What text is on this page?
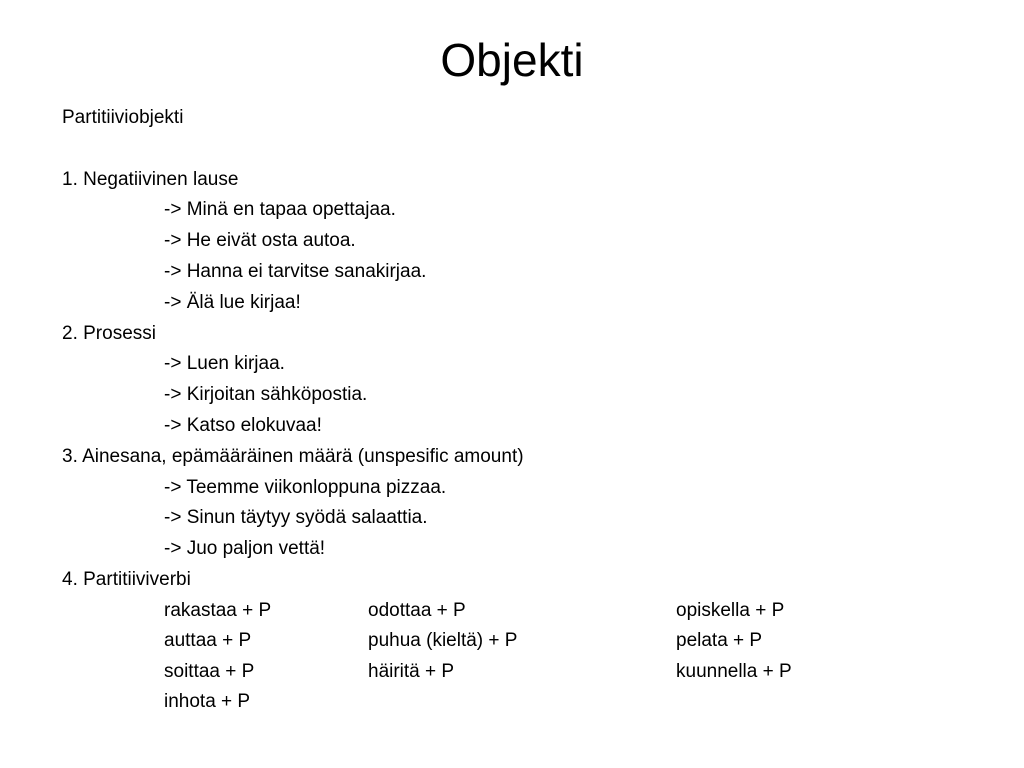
Objekti
Partitiiviobjekti
1. Negatiivinen lause
-> Minä en tapaa opettajaa.
-> He eivät osta autoa.
-> Hanna ei tarvitse sanakirjaa.
-> Älä lue kirjaa!
2. Prosessi
-> Luen kirjaa.
-> Kirjoitan sähköpostia.
-> Katso elokuvaa!
3. Ainesana, epämääräinen määrä (unspesific amount)
-> Teemme viikonloppuna pizzaa.
-> Sinun täytyy syödä salaattia.
-> Juo paljon vettä!
4. Partitiiviverbi
rakastaa + P	odottaa + P	opiskella + P
auttaa + P	puhua (kieltä) + P	pelata + P
soittaa + P	häiritä + P	kuunnella + P
inhota + P
